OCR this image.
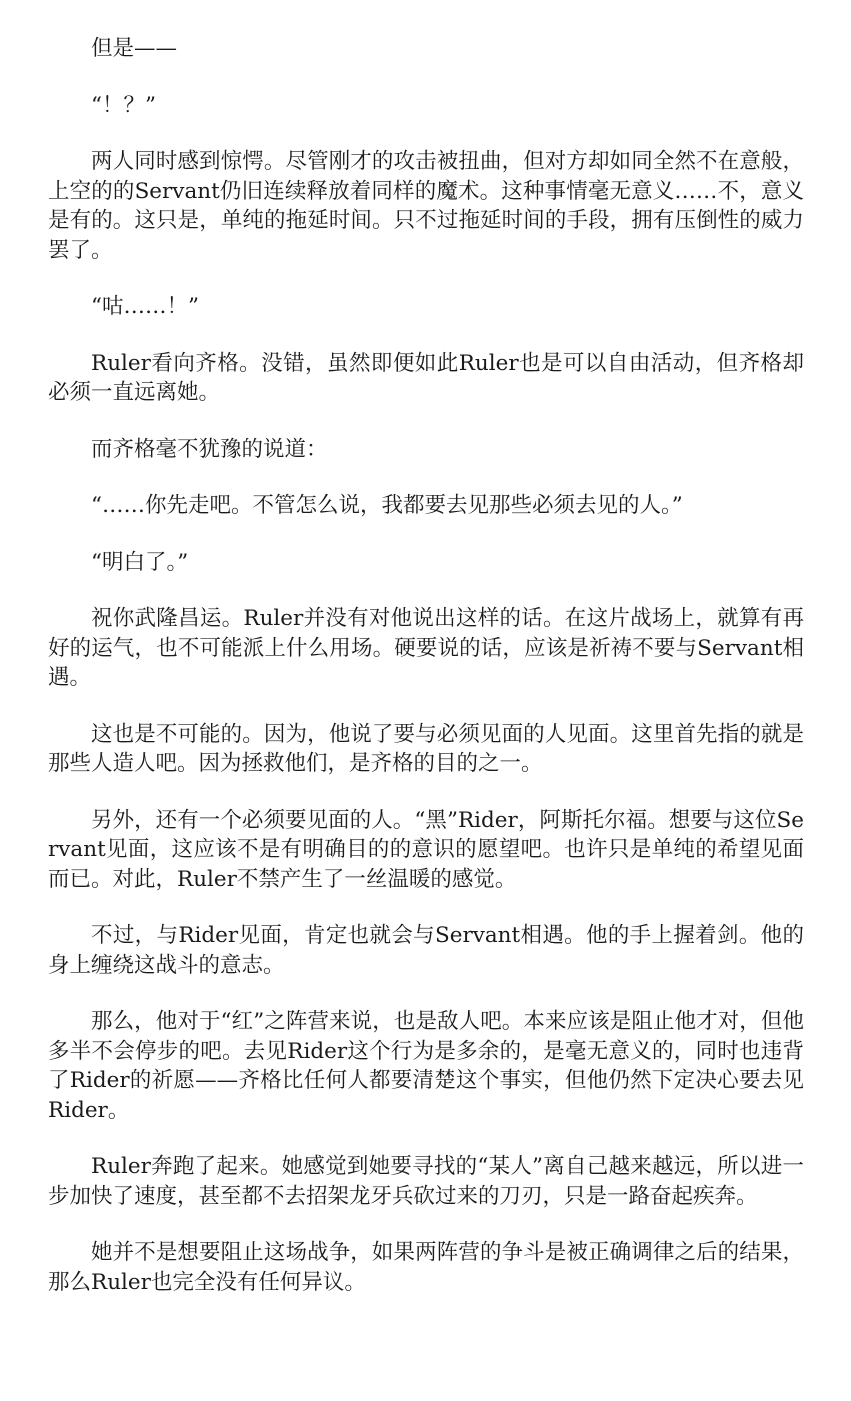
但是——

“！？”

两人同时感到惊愕。尽管刚才的攻击被扭曲，但对方却如同全然不在意般，上空的的Servant仍旧连续释放着同样的魔术。这种事情毫无意义……不，意义是有的。这只是，单纯的拖延时间。只不过拖延时间的手段，拥有压倒性的威力罢了。

“咕……！”

Ruler看向齐格。没错，虽然即便如此Ruler也是可以自由活动，但齐格却必须一直远离她。

而齐格毫不犹豫的说道：

“……你先走吧。不管怎么说，我都要去见那些必须去见的人。”

“明白了。”

祝你武隆昌运。Ruler并没有对他说出这样的话。在这片战场上，就算有再好的运气，也不可能派上什么用场。硬要说的话，应该是祈祷不要与Servant相遇。

这也是不可能的。因为，他说了要与必须见面的人见面。这里首先指的就是那些人造人吧。因为拯救他们，是齐格的目的之一。

另外，还有一个必须要见面的人。“黑”Rider，阿斯托尔福。想要与这位Servant见面，这应该不是有明确目的的意识的愿望吧。也许只是单纯的希望见面而已。对此，Ruler不禁产生了一丝温暖的感觉。

不过，与Rider见面，肯定也就会与Servant相遇。他的手上握着剑。他的身上缠绕这战斗的意志。

那么，他对于“红”之阵营来说，也是敌人吧。本来应该是阻止他才对，但他多半不会停步的吧。去见Rider这个行为是多余的，是毫无意义的，同时也违背了Rider的祈愿——齐格比任何人都要清楚这个事实，但他仍然下定决心要去见Rider。

Ruler奔跑了起来。她感觉到她要寻找的“某人”离自己越来越远，所以进一步加快了速度，甚至都不去招架龙牙兵砍过来的刀刃，只是一路奋起疾奔。

她并不是想要阻止这场战争，如果两阵营的争斗是被正确调律之后的结果，那么Ruler也完全没有任何异议。
